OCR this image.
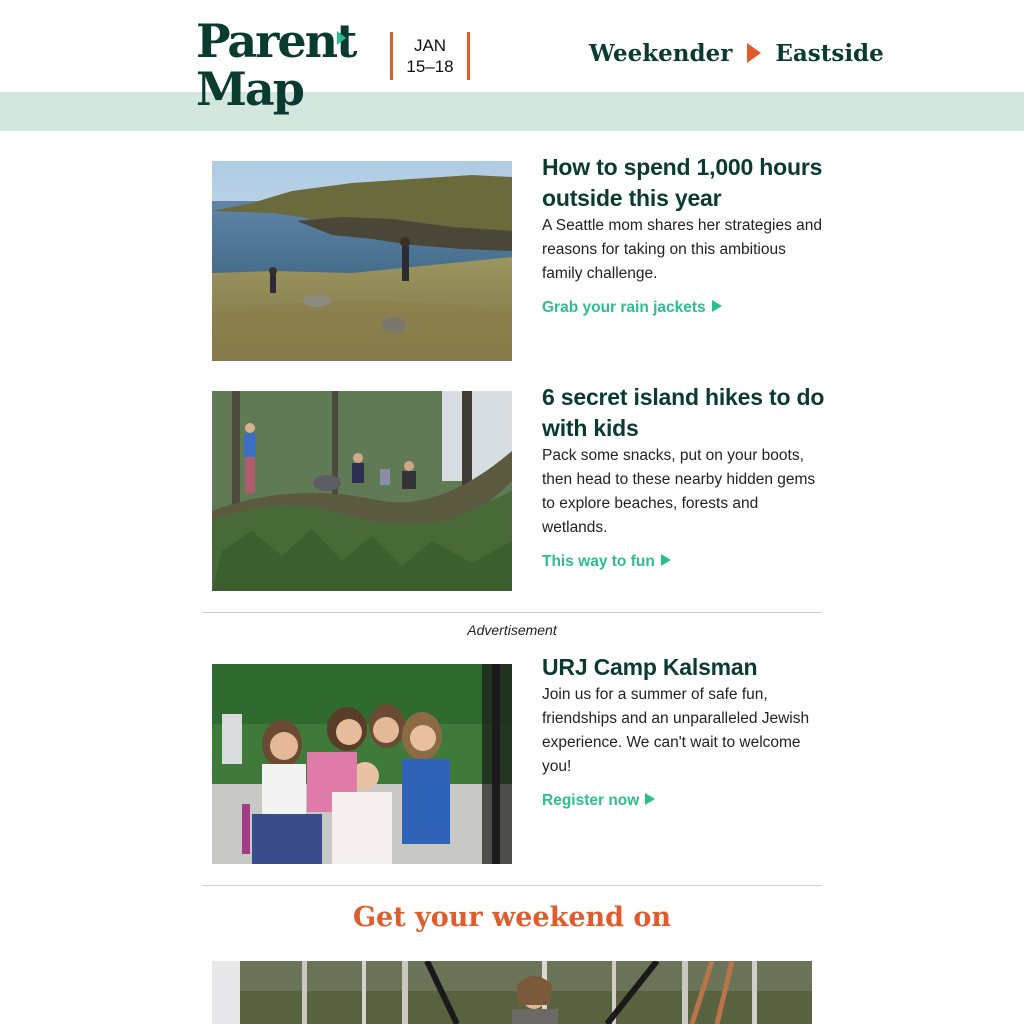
Parent
Map
JAN
15–18	Weekender Eastside
How to spend 1,000 hours outside this year

A Seattle mom shares her strategies and reasons for taking on this ambitious family challenge.

Grab your rain jackets
6 secret island hikes to do with kids

Pack some snacks, put on your boots, then head to these nearby hidden gems to explore beaches, forests and wetlands.

This way to fun
Advertisement
URJ Camp Kalsman

Join us for a summer of safe fun, friendships and an unparalleled Jewish experience. We can't wait to welcome you!

Register now
Get your weekend on
